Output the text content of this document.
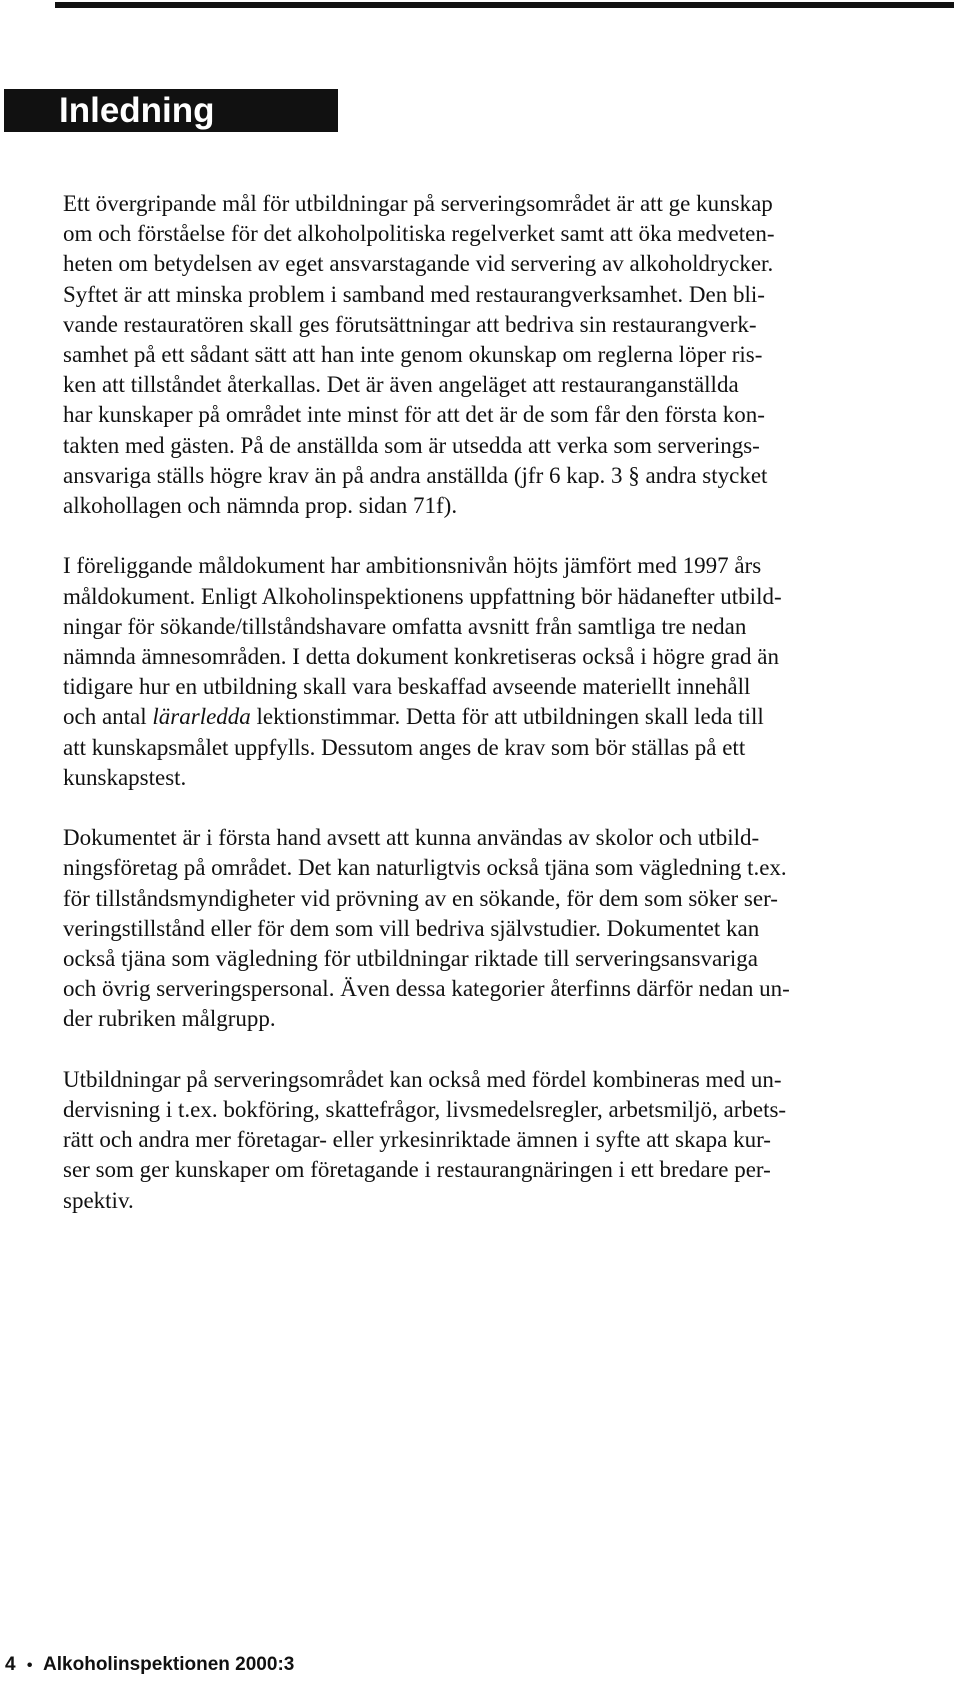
Inledning
Ett övergripande mål för utbildningar på serveringsområdet är att ge kunskap
om och förståelse för det alkoholpolitiska regelverket samt att öka medveten-
heten om betydelsen av eget ansvarstagande vid servering av alkoholdrycker.
Syftet är att minska problem i samband med restaurangverksamhet. Den bli-
vande restauratören skall ges förutsättningar att bedriva sin restaurangverk-
samhet på ett sådant sätt att han inte genom okunskap om reglerna löper ris-
ken att tillståndet återkallas. Det är även angeläget att restauranganställda
har kunskaper på området inte minst för att det är de som får den första kon-
takten med gästen. På de anställda som är utsedda att verka som serverings-
ansvariga ställs högre krav än på andra anställda (jfr 6 kap. 3 § andra stycket
alkohollagen och nämnda prop. sidan 71f).
I föreliggande måldokument har ambitionsnivån höjts jämfört med 1997 års
måldokument. Enligt Alkoholinspektionens uppfattning bör hädanefter utbild-
ningar för sökande/tillståndshavare omfatta avsnitt från samtliga tre nedan
nämnda ämnesområden. I detta dokument konkretiseras också i högre grad än
tidigare hur en utbildning skall vara beskaffad avseende materiellt innehåll
och antal lärarledda lektionstimmar. Detta för att utbildningen skall leda till
att kunskapsmålet uppfylls. Dessutom anges de krav som bör ställas på ett
kunskapstest.
Dokumentet är i första hand avsett att kunna användas av skolor och utbild-
ningsföretag på området. Det kan naturligtvis också tjäna som vägledning t.ex.
för tillståndsmyndigheter vid prövning av en sökande, för dem som söker ser-
veringstillstånd eller för dem som vill bedriva självstudier. Dokumentet kan
också tjäna som vägledning för utbildningar riktade till serveringsansvariga
och övrig serveringspersonal. Även dessa kategorier återfinns därför nedan un-
der rubriken målgrupp.
Utbildningar på serveringsområdet kan också med fördel kombineras med un-
dervisning i t.ex. bokföring, skattefrågor, livsmedelsregler, arbetsmiljö, arbets-
rätt och andra mer företagar- eller yrkesinriktade ämnen i syfte att skapa kur-
ser som ger kunskaper om företagande i restaurangnäringen i ett bredare per-
spektiv.
4 • Alkoholinspektionen 2000:3
